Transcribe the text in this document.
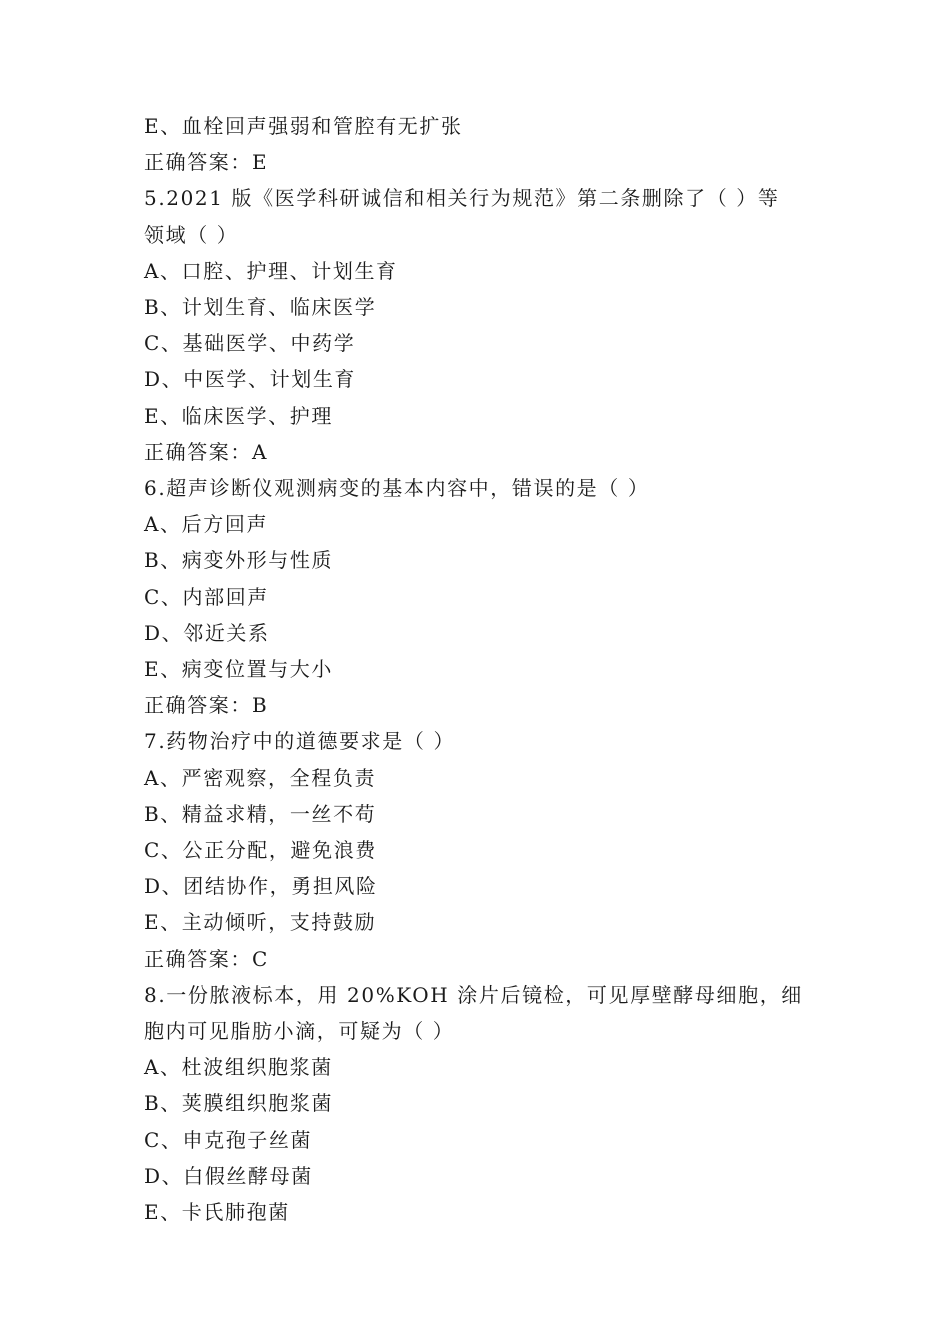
E、血栓回声强弱和管腔有无扩张
正确答案：E
5.2021 版《医学科研诚信和相关行为规范》第二条删除了（ ）等
领域（ ）
A、口腔、护理、计划生育
B、计划生育、临床医学
C、基础医学、中药学
D、中医学、计划生育
E、临床医学、护理
正确答案：A
6.超声诊断仪观测病变的基本内容中，错误的是（ ）
A、后方回声
B、病变外形与性质
C、内部回声
D、邻近关系
E、病变位置与大小
正确答案：B
7.药物治疗中的道德要求是（ ）
A、严密观察，全程负责
B、精益求精，一丝不苟
C、公正分配，避免浪费
D、团结协作，勇担风险
E、主动倾听，支持鼓励
正确答案：C
8.一份脓液标本，用 20%KOH 涂片后镜检，可见厚壁酵母细胞，细
胞内可见脂肪小滴，可疑为（ ）
A、杜波组织胞浆菌
B、荚膜组织胞浆菌
C、申克孢子丝菌
D、白假丝酵母菌
E、卡氏肺孢菌
